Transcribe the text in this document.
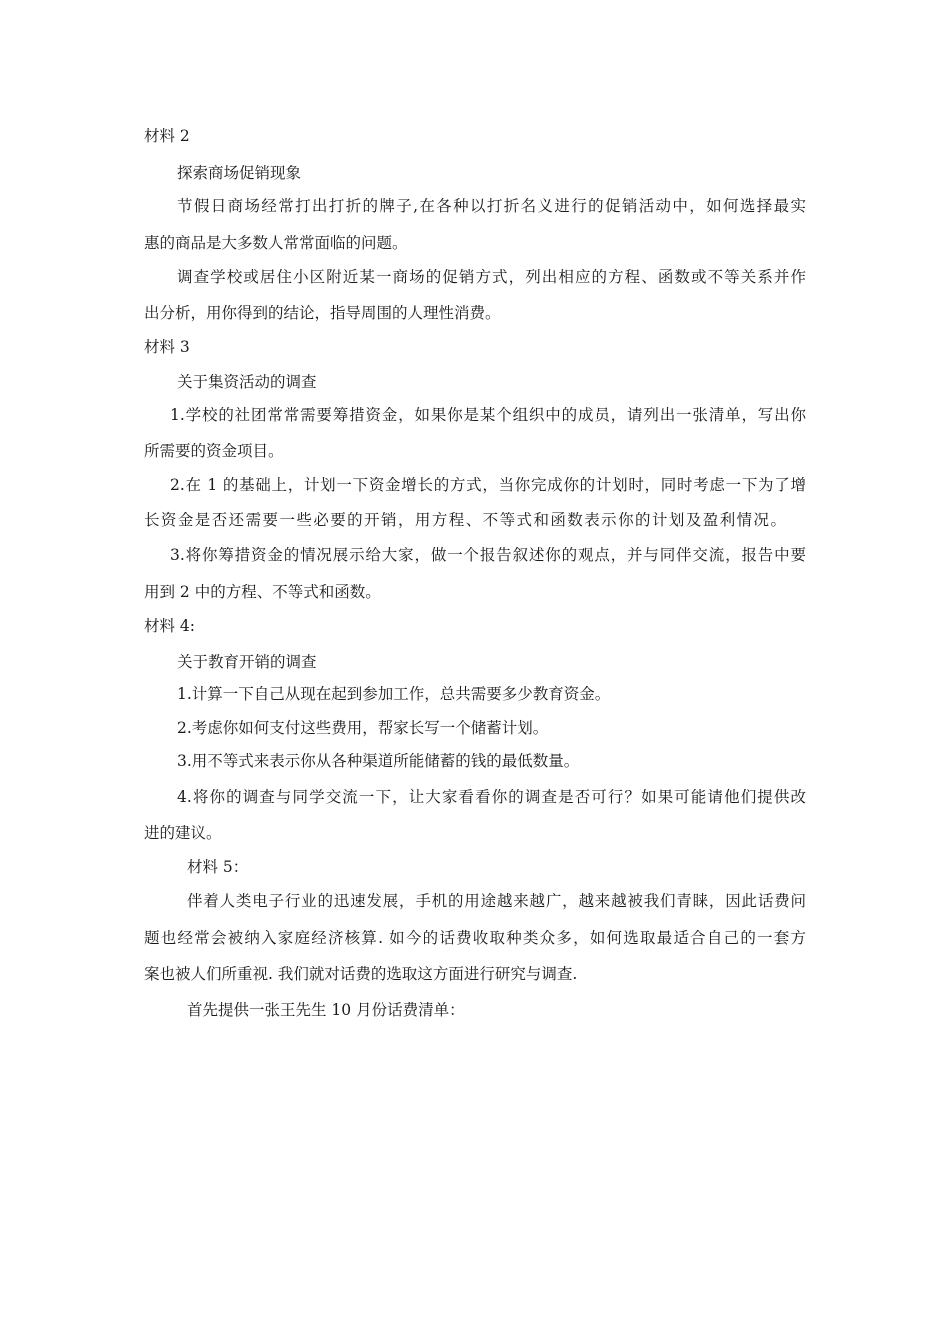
材料 2
探索商场促销现象
节假日商场经常打出打折的牌子,在各种以打折名义进行的促销活动中，如何选择最实
惠的商品是大多数人常常面临的问题。
调查学校或居住小区附近某一商场的促销方式，列出相应的方程、函数或不等关系并作
出分析，用你得到的结论，指导周围的人理性消费。
材料 3
关于集资活动的调查
1.学校的社团常常需要筹措资金，如果你是某个组织中的成员，请列出一张清单，写出你
所需要的资金项目。
2.在 1 的基础上，计划一下资金增长的方式，当你完成你的计划时，同时考虑一下为了增
长资金是否还需要一些必要的开销，用方程、不等式和函数表示你的计划及盈利情况。
3.将你筹措资金的情况展示给大家，做一个报告叙述你的观点，并与同伴交流，报告中要
用到 2 中的方程、不等式和函数。
材料 4:
关于教育开销的调查
1.计算一下自己从现在起到参加工作，总共需要多少教育资金。
2.考虑你如何支付这些费用，帮家长写一个储蓄计划。
3.用不等式来表示你从各种渠道所能储蓄的钱的最低数量。
4.将你的调查与同学交流一下，让大家看看你的调查是否可行？如果可能请他们提供改
进的建议。
材料 5：
伴着人类电子行业的迅速发展，手机的用途越来越广，越来越被我们青睐，因此话费问
题也经常会被纳入家庭经济核算. 如今的话费收取种类众多，如何选取最适合自己的一套方
案也被人们所重视. 我们就对话费的选取这方面进行研究与调查.
首先提供一张王先生 10 月份话费清单：
